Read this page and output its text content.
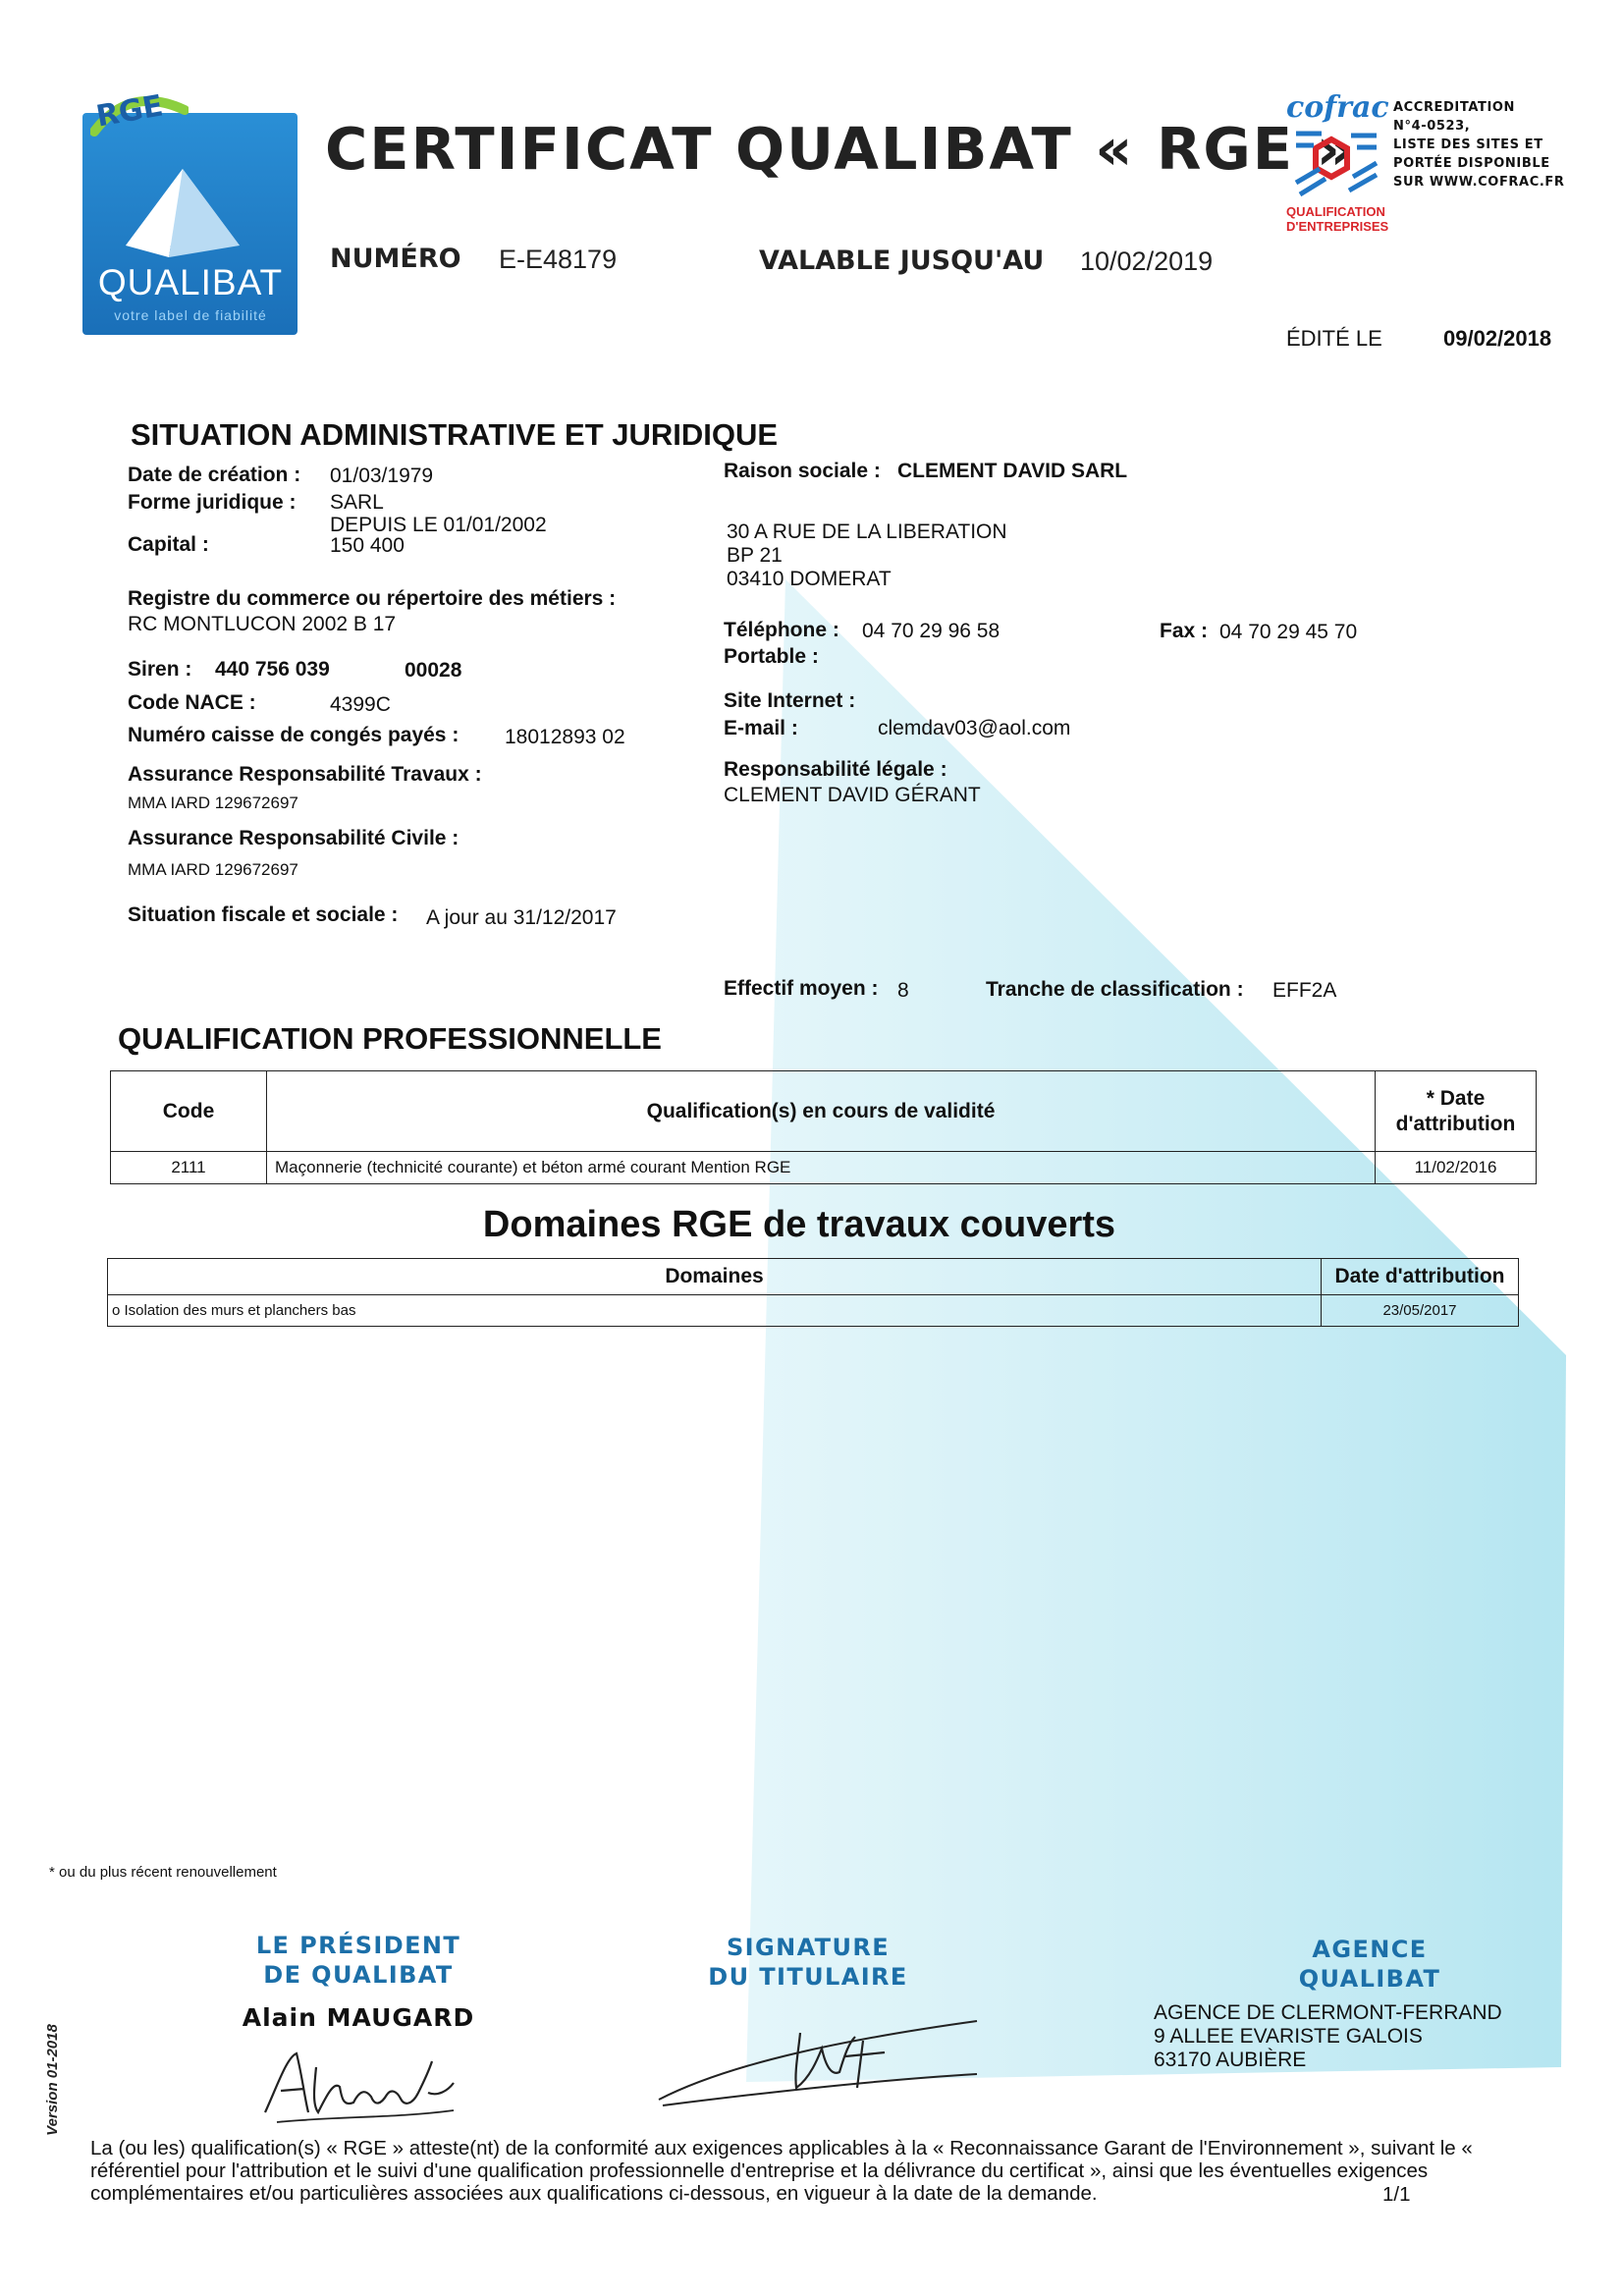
QUALIBAT
votre label de fiabilité
RGE
CERTIFICAT QUALIBAT « RGE »
NUMÉRO E-E48179	VALABLE JUSQU'AU 10/02/2019
ÉDITÉ LE	09/02/2018
cofrac
QUALIFICATION
D'ENTREPRISES
ACCREDITATION
N°4-0523,
LISTE DES SITES ET
PORTÉE DISPONIBLE
SUR WWW.COFRAC.FR
SITUATION ADMINISTRATIVE ET JURIDIQUE
Date de création : 01/03/1979
Forme juridique : SARL
DEPUIS LE 01/01/2002
Capital :	150 400
Registre du commerce ou répertoire des métiers :
RC MONTLUCON 2002 B 17
Siren : 440 756 039	00028
Code NACE :	4399C
Numéro caisse de congés payés : 18012893 02
Assurance Responsabilité Travaux :
MMA IARD 129672697
Assurance Responsabilité Civile :
MMA IARD 129672697
Situation fiscale et sociale : A jour au 31/12/2017
Raison sociale : CLEMENT DAVID SARL
30 A RUE DE LA LIBERATION
BP 21
03410 DOMERAT
Téléphone : 04 70 29 96 58	Fax : 04 70 29 45 70
Portable :
Site Internet :
E-mail :	clemdav03@aol.com
Responsabilité légale :
CLEMENT DAVID GÉRANT
Effectif moyen : 8	Tranche de classification : EFF2A
QUALIFICATION PROFESSIONNELLE
Code	Qualification(s) en cours de validité	* Date
d'attribution

2111	Maçonnerie (technicité courante) et béton armé courant Mention RGE	11/02/2016
Domaines RGE de travaux couverts
Domaines	Date d'attribution
o Isolation des murs et planchers bas	23/05/2017
* ou du plus récent renouvellement
LE PRÉSIDENT
DE QUALIBAT
Alain MAUGARD
SIGNATURE
DU TITULAIRE
AGENCE
QUALIBAT
AGENCE DE CLERMONT-FERRAND
9 ALLEE EVARISTE GALOIS
63170 AUBIÈRE
Version 01-2018
La (ou les) qualification(s) « RGE » atteste(nt) de la conformité aux exigences applicables à la « Reconnaissance Garant de l'Environnement », suivant le «
référentiel pour l'attribution et le suivi d'une qualification professionnelle d'entreprise et la délivrance du certificat », ainsi que les éventuelles exigences
complémentaires et/ou particulières associées aux qualifications ci-dessous, en vigueur à la date de la demande.	1/1
